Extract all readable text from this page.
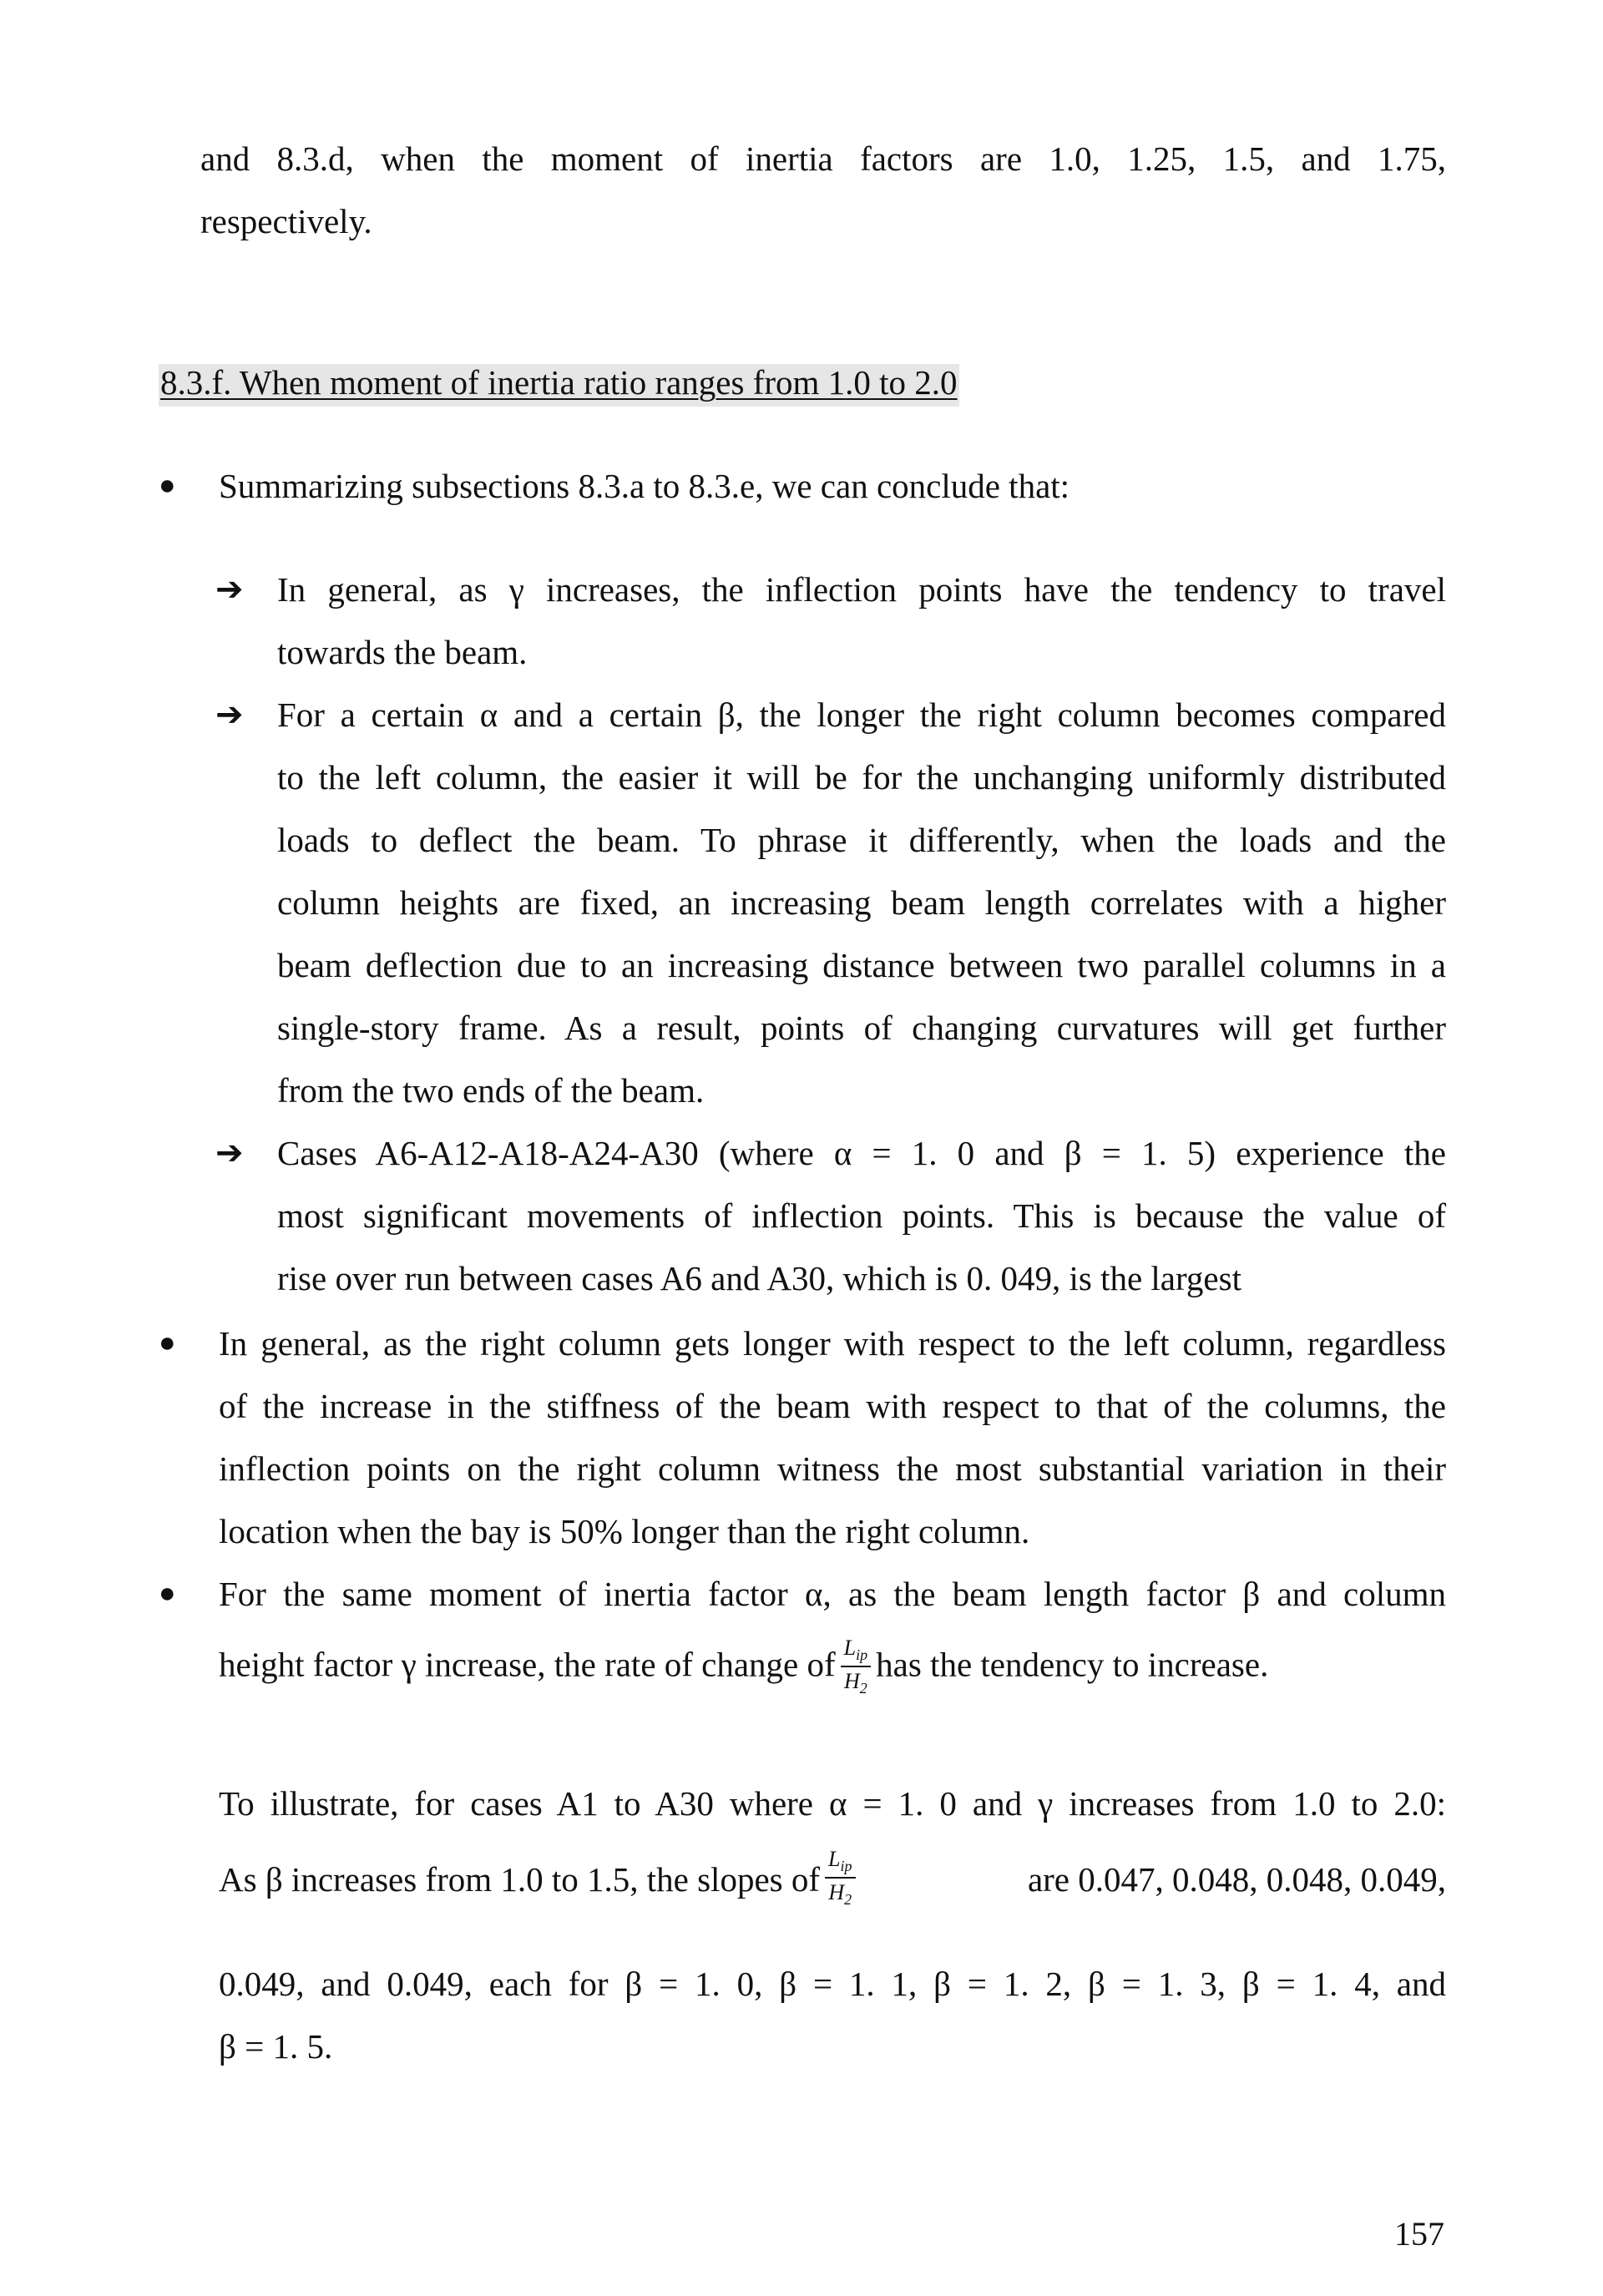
and 8.3.d, when the moment of inertia factors are 1.0, 1.25, 1.5, and 1.75,
respectively.
8.3.f. When moment of inertia ratio ranges from 1.0 to 2.0
● Summarizing subsections 8.3.a to 8.3.e, we can conclude that:
➔ In general, as γ increases, the inflection points have the tendency to travel
towards the beam.
➔ For a certain α and a certain β, the longer the right column becomes compared
to the left column, the easier it will be for the unchanging uniformly distributed
loads to deflect the beam. To phrase it differently, when the loads and the
column heights are fixed, an increasing beam length correlates with a higher
beam deflection due to an increasing distance between two parallel columns in a
single-story frame. As a result, points of changing curvatures will get further
from the two ends of the beam.
➔ Cases A6-A12-A18-A24-A30 (where α = 1. 0 and β = 1. 5) experience the
most significant movements of inflection points. This is because the value of
rise over run between cases A6 and A30, which is 0. 049, is the largest
● In general, as the right column gets longer with respect to the left column, regardless
of the increase in the stiffness of the beam with respect to that of the columns, the
inflection points on the right column witness the most substantial variation in their
location when the bay is 50% longer than the right column.
● For the same moment of inertia factor α, as the beam length factor β and column
height factor γ increase, the rate of change of $\frac{L_{ip}}{H_2}$ has the tendency to increase.
To illustrate, for cases A1 to A30 where α = 1. 0 and γ increases from 1.0 to 2.0:
As β increases from 1.0 to 1.5, the slopes of $\frac{L_{ip}}{H_2}$	are 0.047, 0.048, 0.048, 0.049,
0.049, and 0.049, each for β = 1. 0, β = 1. 1, β = 1. 2, β = 1. 3, β = 1. 4, and
β = 1. 5.
157
